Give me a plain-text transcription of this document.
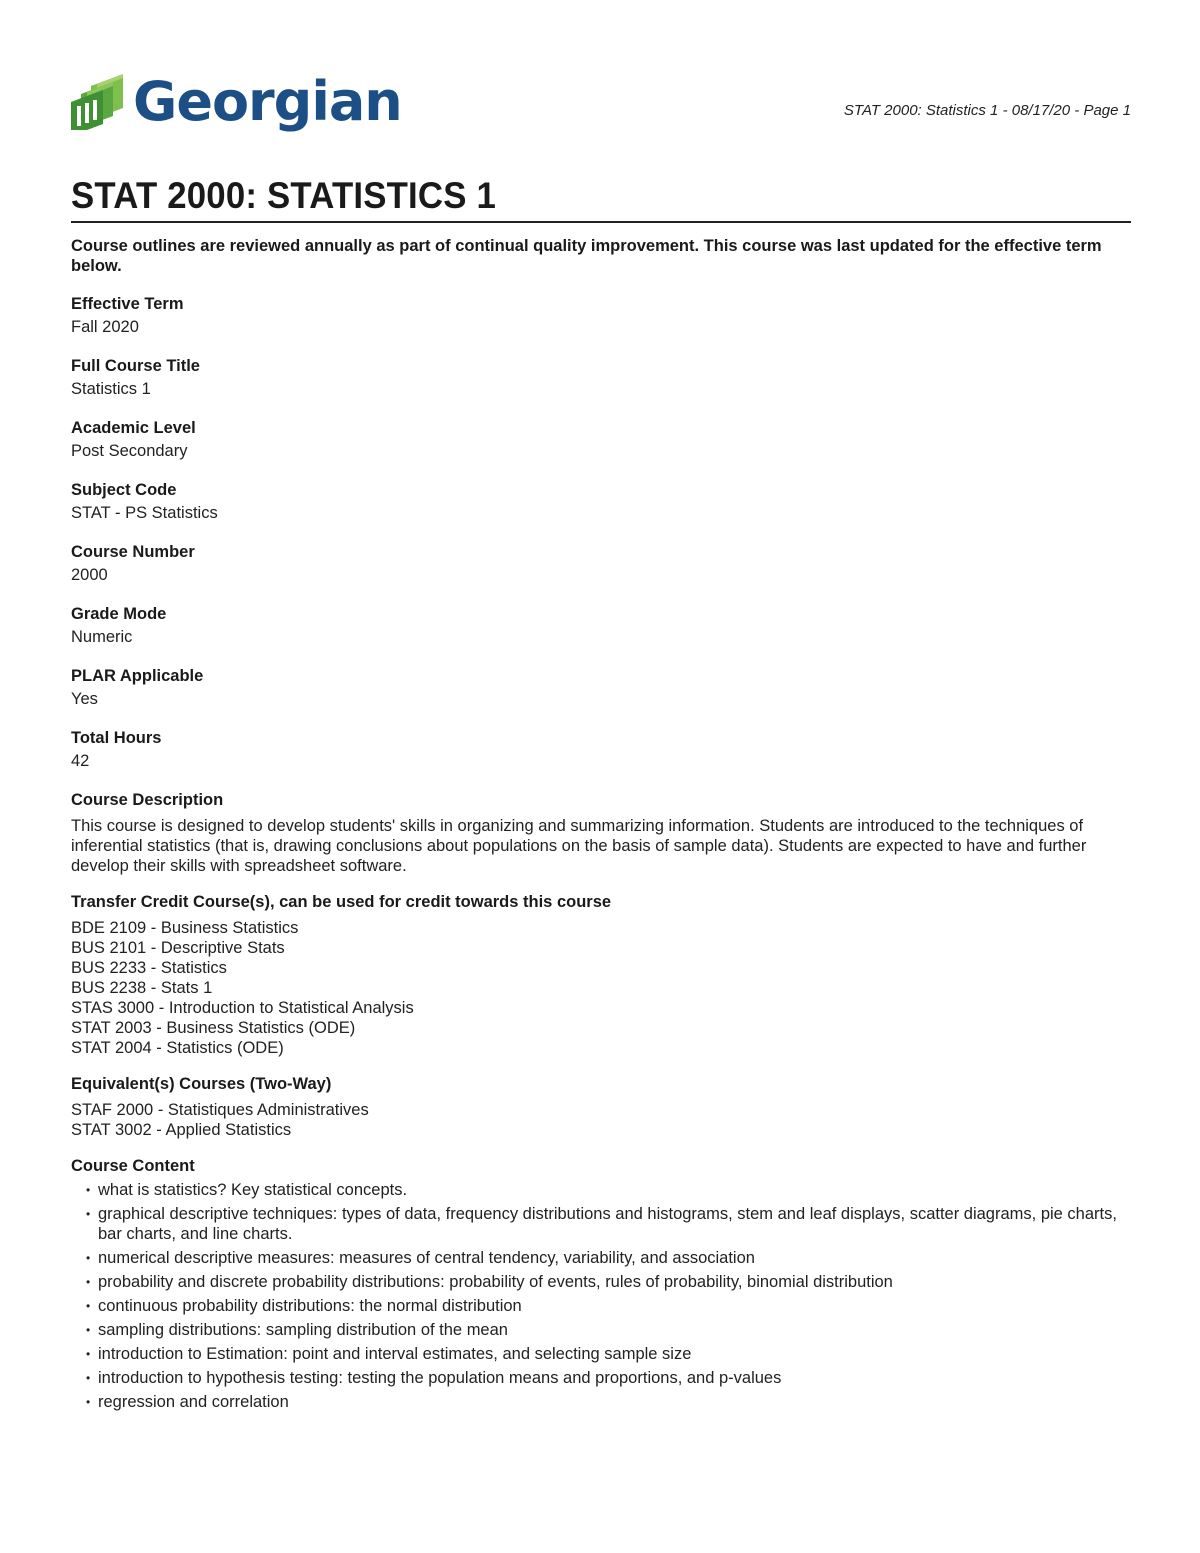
Georgian	STAT 2000: Statistics 1 - 08/17/20 - Page 1
STAT 2000: STATISTICS 1

Course outlines are reviewed annually as part of continual quality improvement. This course was last updated for the effective term below.

Effective Term
Fall 2020
Full Course Title
Statistics 1
Academic Level
Post Secondary
Subject Code
STAT - PS Statistics
Course Number
2000
Grade Mode
Numeric
PLAR Applicable
Yes
Total Hours
42
Course Description

This course is designed to develop students' skills in organizing and summarizing information. Students are introduced to the techniques of inferential statistics (that is, drawing conclusions about populations on the basis of sample data). Students are expected to have and further develop their skills with spreadsheet software.

Transfer Credit Course(s), can be used for credit towards this course
BDE 2109 - Business Statistics
BUS 2101 - Descriptive Stats
BUS 2233 - Statistics
BUS 2238 - Stats 1
STAS 3000 - Introduction to Statistical Analysis
STAT 2003 - Business Statistics (ODE)
STAT 2004 - Statistics (ODE)
Equivalent(s) Courses (Two-Way)
STAF 2000 - Statistiques Administratives
STAT 3002 - Applied Statistics
Course Content
• what is statistics? Key statistical concepts.
• graphical descriptive techniques: types of data, frequency distributions and histograms, stem and leaf displays, scatter diagrams, pie charts, bar charts, and line charts.
• numerical descriptive measures: measures of central tendency, variability, and association
• probability and discrete probability distributions: probability of events, rules of probability, binomial distribution
• continuous probability distributions: the normal distribution
• sampling distributions: sampling distribution of the mean
• introduction to Estimation: point and interval estimates, and selecting sample size
• introduction to hypothesis testing: testing the population means and proportions, and p-values
• regression and correlation
